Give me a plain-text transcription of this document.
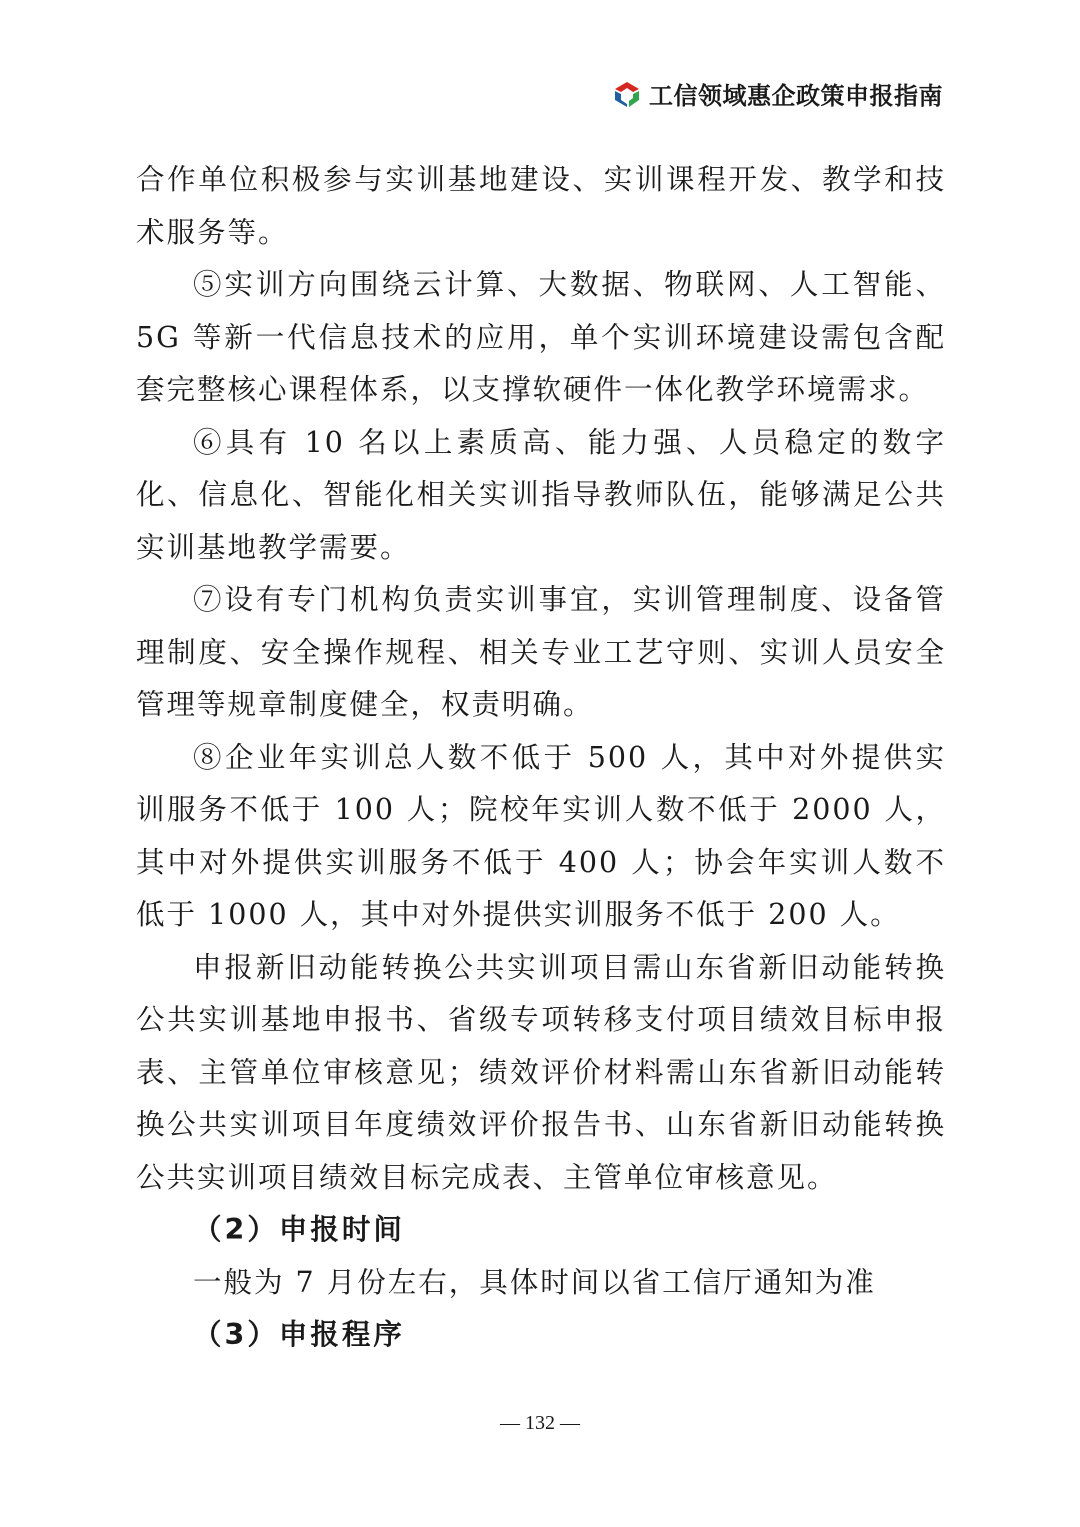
工信领域惠企政策申报指南

合作单位积极参与实训基地建设、实训课程开发、教学和技术服务等。

⑤实训方向围绕云计算、大数据、物联网、人工智能、5G 等新一代信息技术的应用，单个实训环境建设需包含配套完整核心课程体系，以支撑软硬件一体化教学环境需求。

⑥具有 10 名以上素质高、能力强、人员稳定的数字化、信息化、智能化相关实训指导教师队伍，能够满足公共实训基地教学需要。

⑦设有专门机构负责实训事宜，实训管理制度、设备管理制度、安全操作规程、相关专业工艺守则、实训人员安全管理等规章制度健全，权责明确。

⑧企业年实训总人数不低于 500 人，其中对外提供实训服务不低于 100 人；院校年实训人数不低于 2000 人，其中对外提供实训服务不低于 400 人；协会年实训人数不低于 1000 人，其中对外提供实训服务不低于 200 人。

申报新旧动能转换公共实训项目需山东省新旧动能转换公共实训基地申报书、省级专项转移支付项目绩效目标申报表、主管单位审核意见；绩效评价材料需山东省新旧动能转换公共实训项目年度绩效评价报告书、山东省新旧动能转换公共实训项目绩效目标完成表、主管单位审核意见。

（2）申报时间

一般为 7 月份左右，具体时间以省工信厅通知为准

（3）申报程序

— 132 —
